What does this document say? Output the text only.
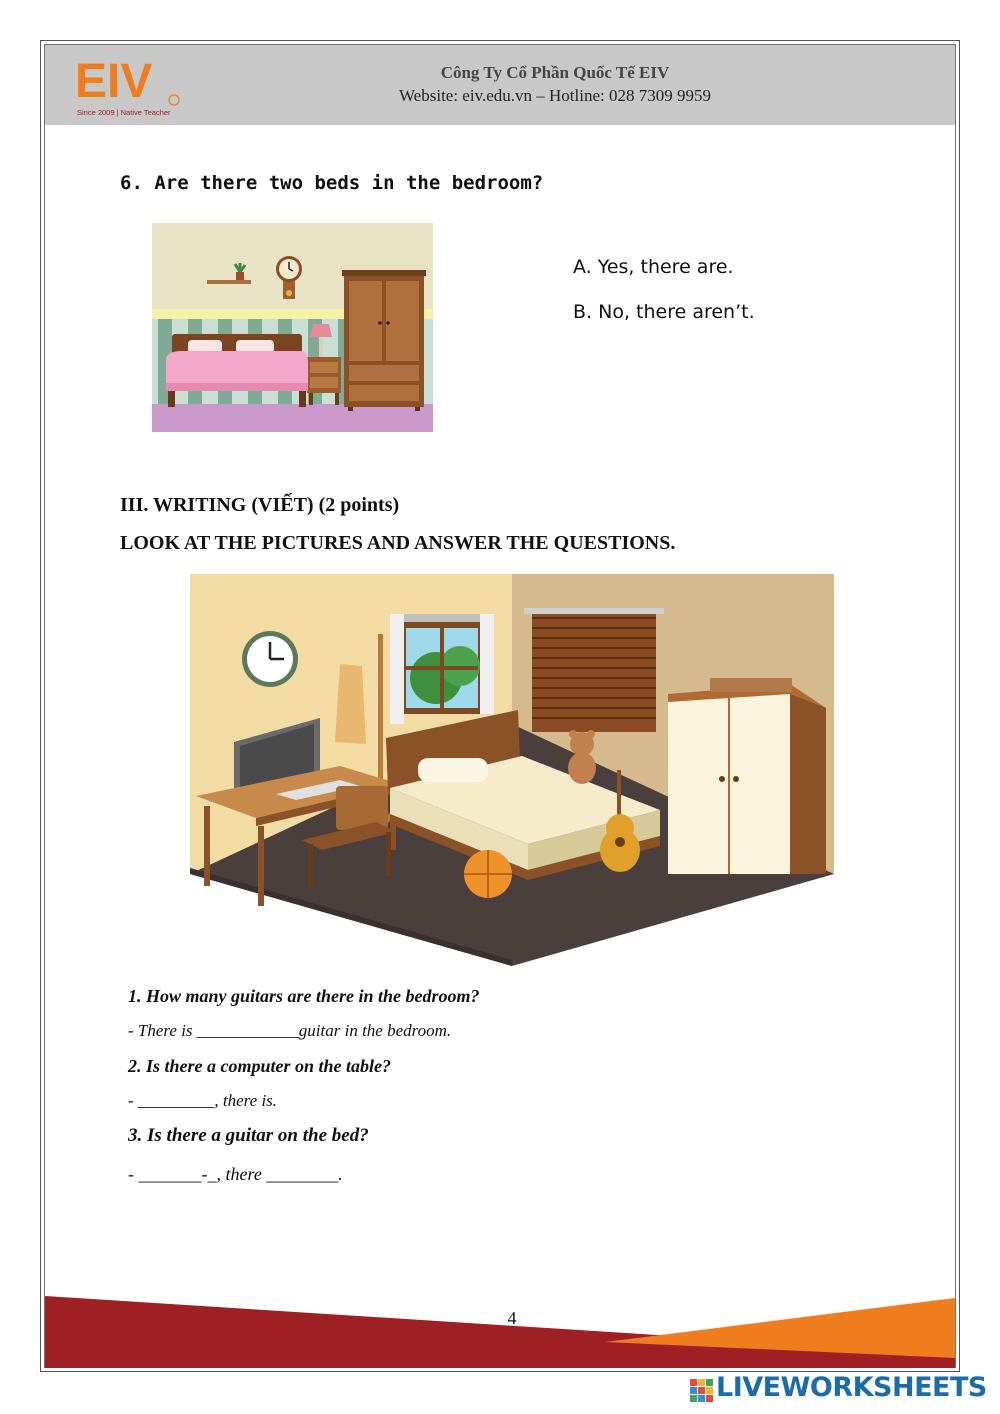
EIV
Since 2009 | Native Teacher
Công Ty Cổ Phần Quốc Tế EIV
Website: eiv.edu.vn – Hotline: 028 7309 9959
6. Are there two beds in the bedroom?
A. Yes, there are.
B. No, there aren’t.
III. WRITING (VIẾT) (2 points)
LOOK AT THE PICTURES AND ANSWER THE QUESTIONS.
1. How many guitars are there in the bedroom?
- There is ____________guitar in the bedroom.
2. Is there a computer on the table?
- _________, there is.
3. Is there a guitar on the bed?
- _______-_, there ________.
4
LIVEWORKSHEETS
